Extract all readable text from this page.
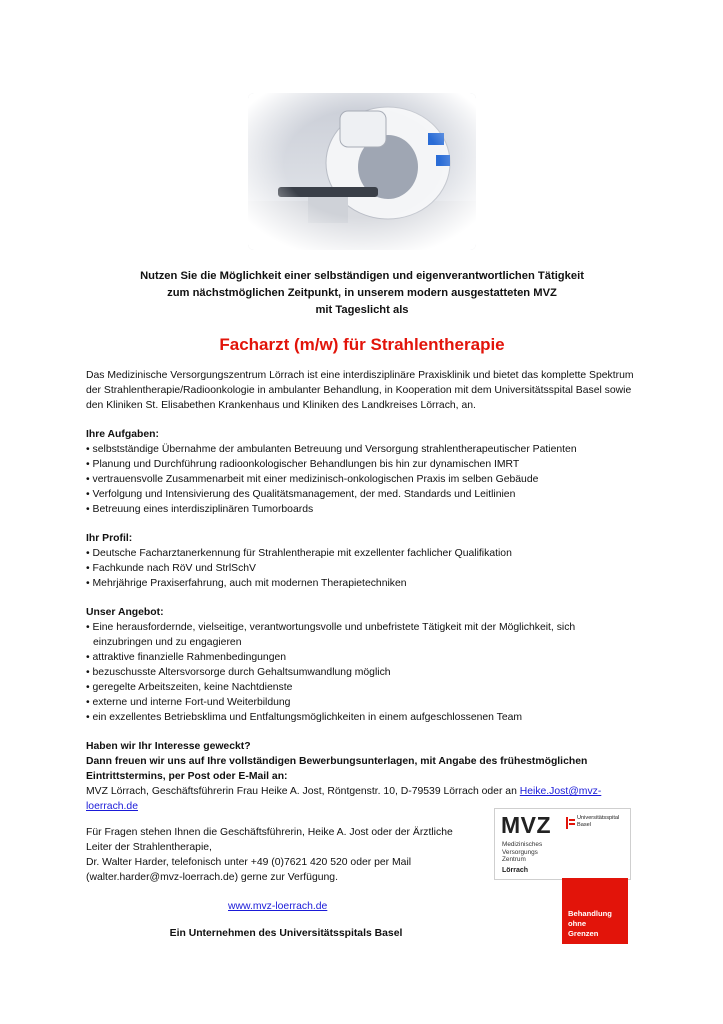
Nutzen Sie die Möglichkeit einer selbständigen und eigenverantwortlichen Tätigkeit
zum nächstmöglichen Zeitpunkt, in unserem modern ausgestatteten MVZ
mit Tageslicht als
Facharzt (m/w) für Strahlentherapie

Das Medizinische Versorgungszentrum Lörrach ist eine interdisziplinäre Praxisklinik und bietet das komplette Spektrum der Strahlentherapie/Radioonkologie in ambulanter Behandlung, in Kooperation mit dem Universitätsspital Basel sowie den Kliniken St. Elisabethen Krankenhaus und Kliniken des Landkreises Lörrach, an.

Ihre Aufgaben:
• selbstständige Übernahme der ambulanten Betreuung und Versorgung strahlentherapeutischer Patienten
• Planung und Durchführung radioonkologischer Behandlungen bis hin zur dynamischen IMRT
• vertrauensvolle Zusammenarbeit mit einer medizinisch-onkologischen Praxis im selben Gebäude
• Verfolgung und Intensivierung des Qualitätsmanagement, der med. Standards und Leitlinien
• Betreuung eines interdisziplinären Tumorboards
Ihr Profil:
• Deutsche Facharztanerkennung für Strahlentherapie mit exzellenter fachlicher Qualifikation
• Fachkunde nach RöV und StrlSchV
• Mehrjährige Praxiserfahrung, auch mit modernen Therapietechniken
Unser Angebot:
• Eine herausfordernde, vielseitige, verantwortungsvolle und unbefristete Tätigkeit mit der Möglichkeit, sich einzubringen und zu engagieren
• attraktive finanzielle Rahmenbedingungen
• bezuschusste Altersvorsorge durch Gehaltsumwandlung möglich
• geregelte Arbeitszeiten, keine Nachtdienste
• externe und interne Fort-und Weiterbildung
• ein exzellentes Betriebsklima und Entfaltungsmöglichkeiten in einem aufgeschlossenen Team
Haben wir Ihr Interesse geweckt?
Dann freuen wir uns auf Ihre vollständigen Bewerbungsunterlagen, mit Angabe des frühestmöglichen Eintrittstermins, per Post oder E-Mail an:
MVZ Lörrach, Geschäftsführerin Frau Heike A. Jost, Röntgenstr. 10, D-79539 Lörrach oder an Heike.Jost@mvz-loerrach.de
Für Fragen stehen Ihnen die Geschäftsführerin, Heike A. Jost oder der Ärztliche
Leiter der Strahlentherapie,
Dr. Walter Harder, telefonisch unter +49 (0)7621 420 520 oder per Mail
(walter.harder@mvz-loerrach.de) gerne zur Verfügung.
www.mvz-loerrach.de
Ein Unternehmen des Universitätsspitals Basel
MVZ
Medizinisches
Versorgungs
Zentrum
Lörrach
Universitätsspital
Basel
Behandlung
ohne
Grenzen
